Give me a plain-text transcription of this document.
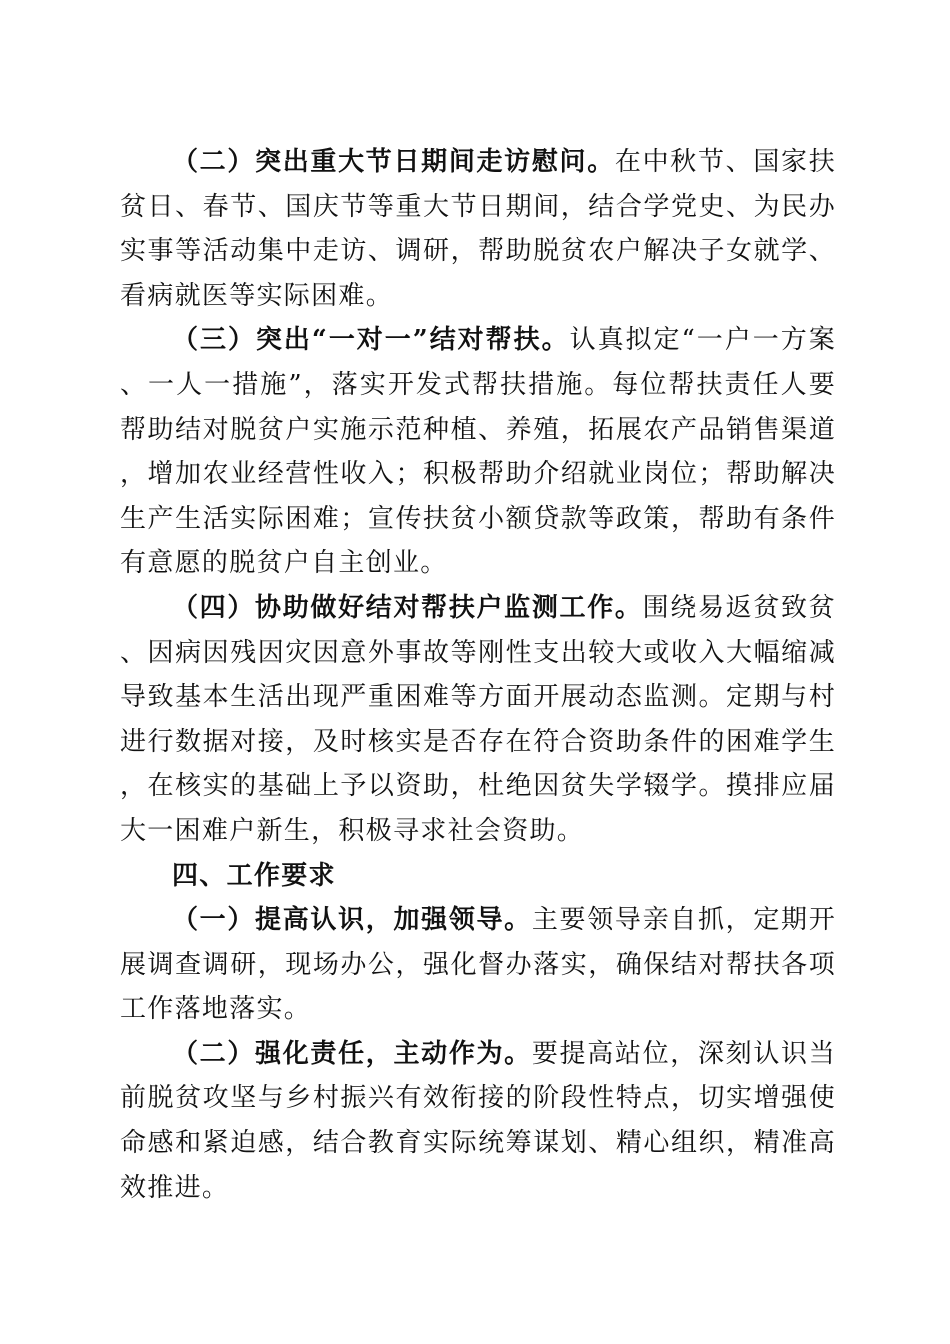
（二）突出重大节日期间走访慰问。在中秋节、国家扶贫日、春节、国庆节等重大节日期间，结合学党史、为民办实事等活动集中走访、调研，帮助脱贫农户解决子女就学、看病就医等实际困难。

（三）突出“一对一”结对帮扶。认真拟定“一户一方案、一人一措施”，落实开发式帮扶措施。每位帮扶责任人要帮助结对脱贫户实施示范种植、养殖，拓展农产品销售渠道，增加农业经营性收入；积极帮助介绍就业岗位；帮助解决生产生活实际困难；宣传扶贫小额贷款等政策，帮助有条件有意愿的脱贫户自主创业。

（四）协助做好结对帮扶户监测工作。围绕易返贫致贫、因病因残因灾因意外事故等刚性支出较大或收入大幅缩减导致基本生活出现严重困难等方面开展动态监测。定期与村进行数据对接，及时核实是否存在符合资助条件的困难学生，在核实的基础上予以资助，杜绝因贫失学辍学。摸排应届大一困难户新生，积极寻求社会资助。

四、工作要求

（一）提高认识，加强领导。主要领导亲自抓，定期开展调查调研，现场办公，强化督办落实，确保结对帮扶各项工作落地落实。

（二）强化责任，主动作为。要提高站位，深刻认识当前脱贫攻坚与乡村振兴有效衔接的阶段性特点，切实增强使命感和紧迫感，结合教育实际统筹谋划、精心组织，精准高效推进。
